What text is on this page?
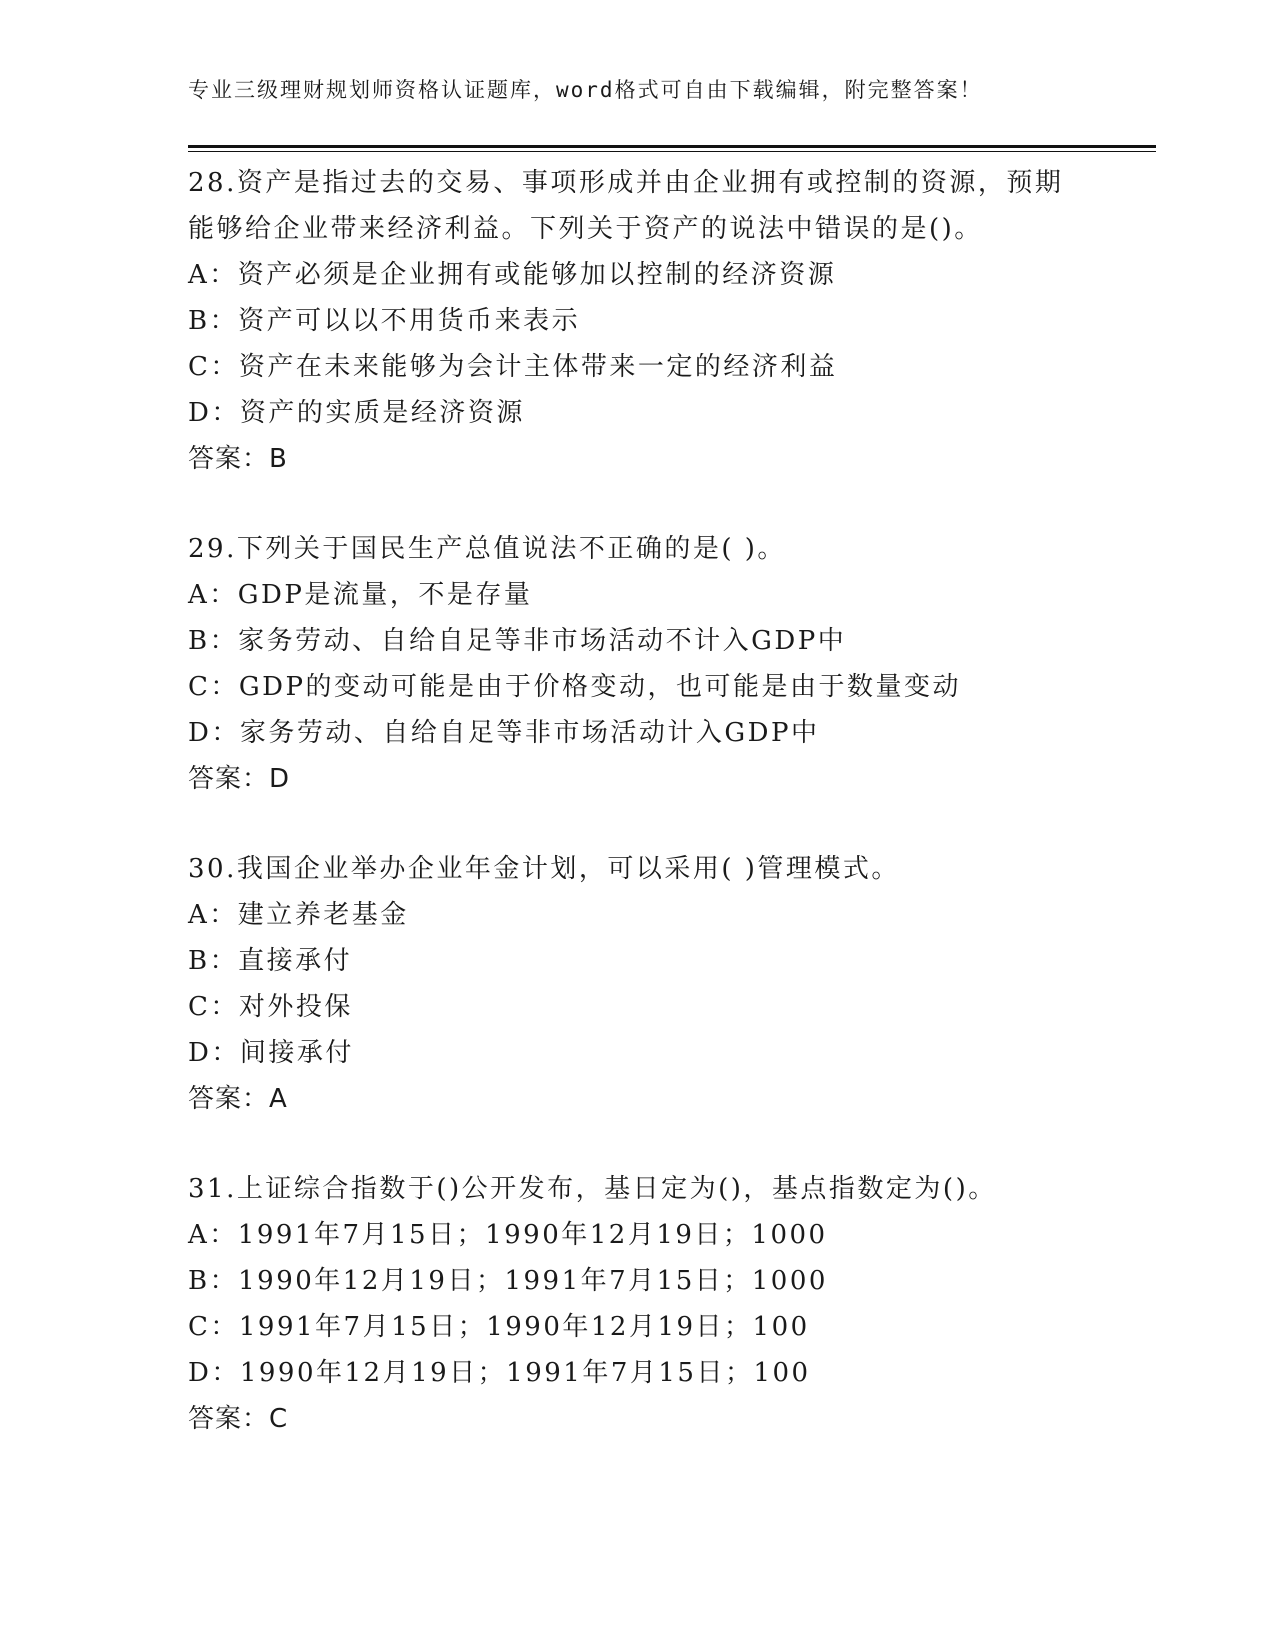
专业三级理财规划师资格认证题库，word格式可自由下载编辑，附完整答案！

28.资产是指过去的交易、事项形成并由企业拥有或控制的资源，预期能够给企业带来经济利益。下列关于资产的说法中错误的是()。

A：资产必须是企业拥有或能够加以控制的经济资源

B：资产可以以不用货币来表示

C：资产在未来能够为会计主体带来一定的经济利益

D：资产的实质是经济资源

答案：B

29.下列关于国民生产总值说法不正确的是( )。

A：GDP是流量，不是存量

B：家务劳动、自给自足等非市场活动不计入GDP中

C：GDP的变动可能是由于价格变动，也可能是由于数量变动

D：家务劳动、自给自足等非市场活动计入GDP中

答案：D

30.我国企业举办企业年金计划，可以采用( )管理模式。

A：建立养老基金

B：直接承付

C：对外投保

D：间接承付

答案：A

31.上证综合指数于()公开发布，基日定为()，基点指数定为()。

A：1991年7月15日；1990年12月19日；1000

B：1990年12月19日；1991年7月15日；1000

C：1991年7月15日；1990年12月19日；100

D：1990年12月19日；1991年7月15日；100

答案：C
